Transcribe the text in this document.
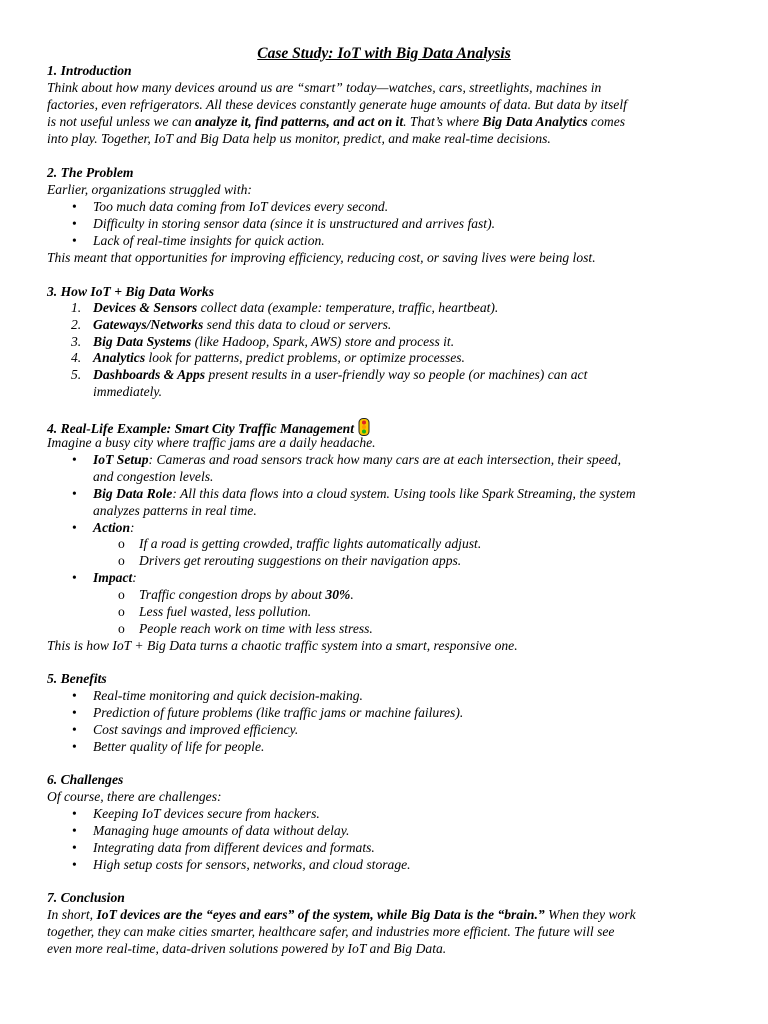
Case Study: IoT with Big Data Analysis
1. Introduction
Think about how many devices around us are “smart” today—watches, cars, streetlights, machines in
factories, even refrigerators. All these devices constantly generate huge amounts of data. But data by itself
is not useful unless we can analyze it, find patterns, and act on it. That’s where Big Data Analytics comes
into play. Together, IoT and Big Data help us monitor, predict, and make real-time decisions.
2. The Problem
Earlier, organizations struggled with:
• Too much data coming from IoT devices every second.
• Difficulty in storing sensor data (since it is unstructured and arrives fast).
• Lack of real-time insights for quick action.
This meant that opportunities for improving efficiency, reducing cost, or saving lives were being lost.
3. How IoT + Big Data Works
1. Devices & Sensors collect data (example: temperature, traffic, heartbeat).
2. Gateways/Networks send this data to cloud or servers.
3. Big Data Systems (like Hadoop, Spark, AWS) store and process it.
4. Analytics look for patterns, predict problems, or optimize processes.
5. Dashboards & Apps present results in a user-friendly way so people (or machines) can act
immediately.
4. Real-Life Example: Smart City Traffic Management
Imagine a busy city where traffic jams are a daily headache.
• IoT Setup: Cameras and road sensors track how many cars are at each intersection, their speed,
and congestion levels.
• Big Data Role: All this data flows into a cloud system. Using tools like Spark Streaming, the system
analyzes patterns in real time.
• Action:
o If a road is getting crowded, traffic lights automatically adjust.
o Drivers get rerouting suggestions on their navigation apps.
• Impact:
o Traffic congestion drops by about 30%.
o Less fuel wasted, less pollution.
o People reach work on time with less stress.
This is how IoT + Big Data turns a chaotic traffic system into a smart, responsive one.
5. Benefits
• Real-time monitoring and quick decision-making.
• Prediction of future problems (like traffic jams or machine failures).
• Cost savings and improved efficiency.
• Better quality of life for people.
6. Challenges
Of course, there are challenges:
• Keeping IoT devices secure from hackers.
• Managing huge amounts of data without delay.
• Integrating data from different devices and formats.
• High setup costs for sensors, networks, and cloud storage.
7. Conclusion
In short, IoT devices are the “eyes and ears” of the system, while Big Data is the “brain.” When they work
together, they can make cities smarter, healthcare safer, and industries more efficient. The future will see
even more real-time, data-driven solutions powered by IoT and Big Data.
